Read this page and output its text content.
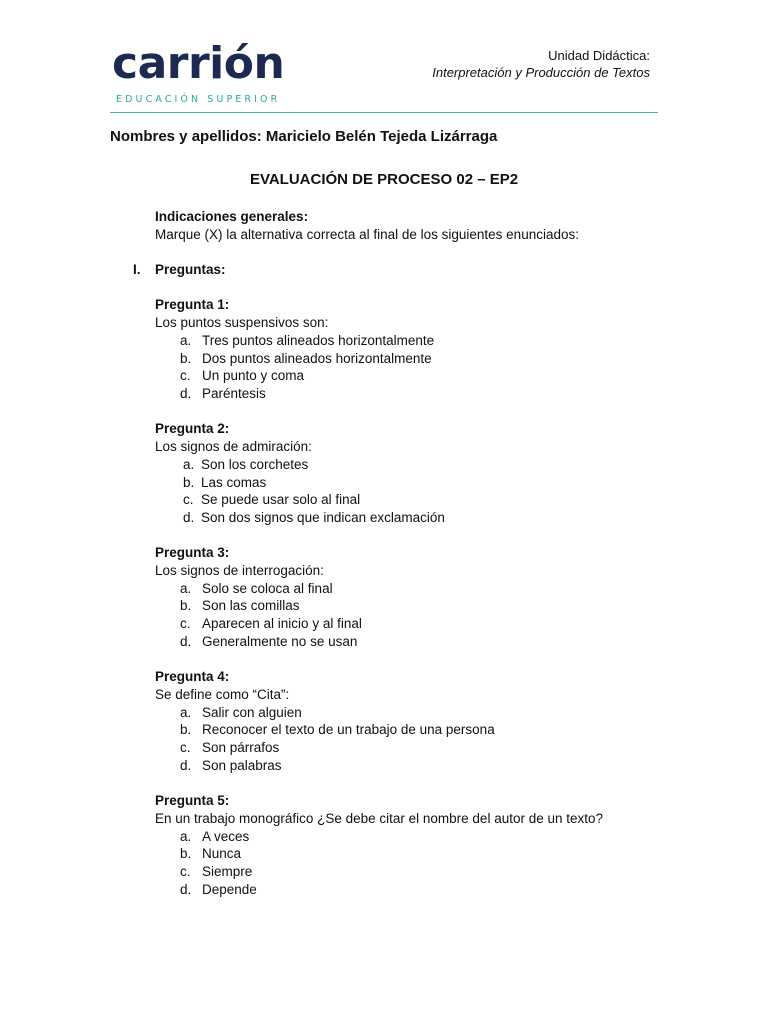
carrión
EDUCACIÓN SUPERIOR
Unidad Didáctica:
Interpretación y Producción de Textos
Nombres y apellidos: Maricielo Belén Tejeda Lizárraga
EVALUACIÓN DE PROCESO 02 – EP2
Indicaciones generales:
Marque (X) la alternativa correcta al final de los siguientes enunciados:
I. Preguntas:
Pregunta 1:
Los puntos suspensivos son:
a. Tres puntos alineados horizontalmente
b. Dos puntos alineados horizontalmente
c. Un punto y coma
d. Paréntesis
Pregunta 2:
Los signos de admiración:
a. Son los corchetes
b. Las comas
c. Se puede usar solo al final
d. Son dos signos que indican exclamación
Pregunta 3:
Los signos de interrogación:
a. Solo se coloca al final
b. Son las comillas
c. Aparecen al inicio y al final
d. Generalmente no se usan
Pregunta 4:
Se define como “Cita”:
a. Salir con alguien
b. Reconocer el texto de un trabajo de una persona
c. Son párrafos
d. Son palabras
Pregunta 5:
En un trabajo monográfico ¿Se debe citar el nombre del autor de un texto?
a. A veces
b. Nunca
c. Siempre
d. Depende
